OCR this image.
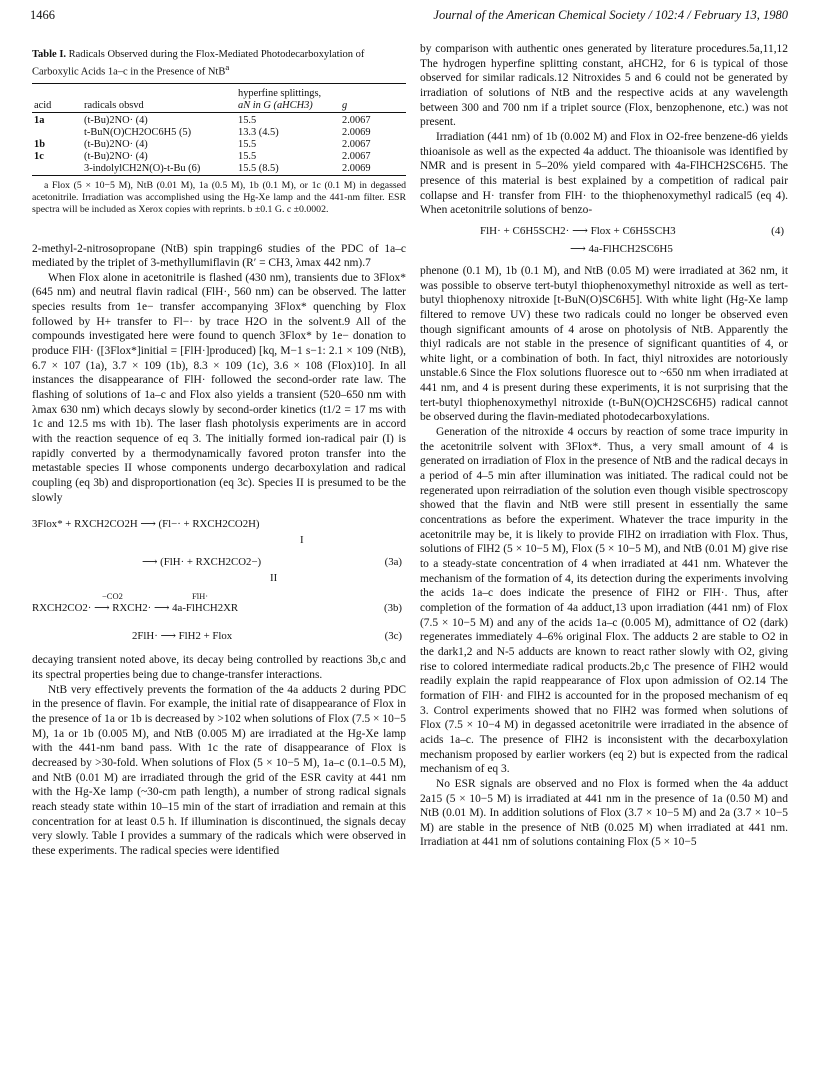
1466	Journal of the American Chemical Society / 102:4 / February 13, 1980
Table I. Radicals Observed during the Flox-Mediated Photodecarboxylation of Carboxylic Acids 1a–c in the Presence of NtB$^a$

		hyperfine splittings,	
acid	radicals obsvd	aN in G (aHCH3)	g

1a	(t-Bu)2NO· (4)	15.5	2.0067
	t-BuN(O)CH2OC6H5 (5)	13.3 (4.5)	2.0069
1b	(t-Bu)2NO· (4)	15.5	2.0067
1c	(t-Bu)2NO· (4)	15.5	2.0067
	3-indolylCH2N(O)-t-Bu (6)	15.5 (8.5)	2.0069

a Flox (5 × 10−5 M), NtB (0.01 M), 1a (0.5 M), 1b (0.1 M), or 1c (0.1 M) in degassed acetonitrile. Irradiation was accomplished using the Hg-Xe lamp and the 441-nm filter. ESR spectra will be included as Xerox copies with reprints. b ±0.1 G. c ±0.0002.

2-methyl-2-nitrosopropane (NtB) spin trapping6 studies of the PDC of 1a–c mediated by the triplet of 3-methyllumiflavin (R′ = CH3, λmax 442 nm).7

When Flox alone in acetonitrile is flashed (430 nm), transients due to 3Flox* (645 nm) and neutral flavin radical (FlH·, 560 nm) can be observed. The latter species results from 1e− transfer accompanying 3Flox* quenching by Flox followed by H+ transfer to Fl−· by trace H2O in the solvent.9 All of the compounds investigated here were found to quench 3Flox* by 1e− donation to produce FlH· ([3Flox*]initial = [FlH·]produced) [kq, M−1 s−1: 2.1 × 109 (NtB), 6.7 × 107 (1a), 3.7 × 109 (1b), 8.3 × 109 (1c), 3.6 × 108 (Flox)10]. In all instances the disappearance of FlH· followed the second-order rate law. The flashing of solutions of 1a–c and Flox also yields a transient (520–650 nm with λmax 630 nm) which decays slowly by second-order kinetics (t1/2 = 17 ms with 1c and 12.5 ms with 1b). The laser flash photolysis experiments are in accord with the reaction sequence of eq 3. The initially formed ion-radical pair (I) is rapidly converted by a thermodynamically favored proton transfer into the metastable species II whose components undergo decarboxylation and radical coupling (eq 3b) and disproportionation (eq 3c). Species II is presumed to be the slowly

3Flox* + RXCH2CO2H ⟶ (Fl−· + RXCH2CO2H)
I
⟶ (FlH· + RXCH2CO2−)	(3a)
II
−CO2	FlH·
RXCH2CO2· ⟶ RXCH2· ⟶ 4a-FlHCH2XR	(3b)
2FlH· ⟶ FlH2 + Flox	(3c)

decaying transient noted above, its decay being controlled by reactions 3b,c and its spectral properties being due to change-transfer interactions.

NtB very effectively prevents the formation of the 4a adducts 2 during PDC in the presence of flavin. For example, the initial rate of disappearance of Flox in the presence of 1a or 1b is decreased by >102 when solutions of Flox (7.5 × 10−5 M), 1a or 1b (0.005 M), and NtB (0.005 M) are irradiated at the Hg-Xe lamp with the 441-nm band pass. With 1c the rate of disappearance of Flox is decreased by >30-fold. When solutions of Flox (5 × 10−5 M), 1a–c (0.1–0.5 M), and NtB (0.01 M) are irradiated through the grid of the ESR cavity at 441 nm with the Hg-Xe lamp (~30-cm path length), a number of strong radical signals reach steady state within 10–15 min of the start of irradiation and remain at this concentration for at least 0.5 h. If illumination is discontinued, the signals decay very slowly. Table I provides a summary of the radicals which were observed in these experiments. The radical species were identified

by comparison with authentic ones generated by literature procedures.5a,11,12 The hydrogen hyperfine splitting constant, aHCH2, for 6 is typical of those observed for similar radicals.12 Nitroxides 5 and 6 could not be generated by irradiation of solutions of NtB and the respective acids at any wavelength between 300 and 700 nm if a triplet source (Flox, benzophenone, etc.) was not present.

Irradiation (441 nm) of 1b (0.002 M) and Flox in O2-free benzene-d6 yields thioanisole as well as the expected 4a adduct. The thioanisole was identified by NMR and is present in 5–20% yield compared with 4a-FlHCH2SC6H5. The presence of this material is best explained by a competition of radical pair collapse and H· transfer from FlH· to the thiophenoxymethyl radical5 (eq 4). When acetonitrile solutions of benzo-

FlH· + C6H5SCH2· ⟶ Flox + C6H5SCH3	(4)
⟶ 4a-FlHCH2SC6H5

phenone (0.1 M), 1b (0.1 M), and NtB (0.05 M) were irradiated at 362 nm, it was possible to observe tert-butyl thiophenoxymethyl nitroxide as well as tert-butyl thiophenoxy nitroxide [t-BuN(O)SC6H5]. With white light (Hg-Xe lamp filtered to remove UV) these two radicals could no longer be observed even though significant amounts of 4 arose on photolysis of NtB. Apparently the thiyl radicals are not stable in the presence of significant quantities of 4, or white light, or a combination of both. In fact, thiyl nitroxides are notoriously unstable.6 Since the Flox solutions fluoresce out to ~650 nm when irradiated at 441 nm, and 4 is present during these experiments, it is not surprising that the tert-butyl thiophenoxymethyl nitroxide (t-BuN(O)CH2SC6H5) radical cannot be observed during the flavin-mediated photodecarboxylations.

Generation of the nitroxide 4 occurs by reaction of some trace impurity in the acetonitrile solvent with 3Flox*. Thus, a very small amount of 4 is generated on irradiation of Flox in the presence of NtB and the radical decays in a period of 4–5 min after illumination was initiated. The radical could not be regenerated upon reirradiation of the solution even though visible spectroscopy showed that the flavin and NtB were still present in essentially the same concentrations as before the experiment. Whatever the trace impurity in the acetonitrile may be, it is likely to provide FlH2 on irradiation with Flox. Thus, solutions of FlH2 (5 × 10−5 M), Flox (5 × 10−5 M), and NtB (0.01 M) give rise to a steady-state concentration of 4 when irradiated at 441 nm. Whatever the mechanism of the formation of 4, its detection during the experiments involving the acids 1a–c does indicate the presence of FlH2 or FlH·. Thus, after completion of the formation of 4a adduct,13 upon irradiation (441 nm) of Flox (7.5 × 10−5 M) and any of the acids 1a–c (0.005 M), admittance of O2 (dark) regenerates immediately 4–6% original Flox. The adducts 2 are stable to O2 in the dark1,2 and N-5 adducts are known to react rather slowly with O2, giving rise to colored intermediate radical products.2b,c The presence of FlH2 would readily explain the rapid reappearance of Flox upon admission of O2.14 The formation of FlH· and FlH2 is accounted for in the proposed mechanism of eq 3. Control experiments showed that no FlH2 was formed when solutions of Flox (7.5 × 10−4 M) in degassed acetonitrile were irradiated in the absence of acids 1a–c. The presence of FlH2 is inconsistent with the decarboxylation mechanism proposed by earlier workers (eq 2) but is expected from the radical mechanism of eq 3.

No ESR signals are observed and no Flox is formed when the 4a adduct 2a15 (5 × 10−5 M) is irradiated at 441 nm in the presence of 1a (0.50 M) and NtB (0.01 M). In addition solutions of Flox (3.7 × 10−5 M) and 2a (3.7 × 10−5 M) are stable in the presence of NtB (0.025 M) when irradiated at 441 nm. Irradiation at 441 nm of solutions containing Flox (5 × 10−5
